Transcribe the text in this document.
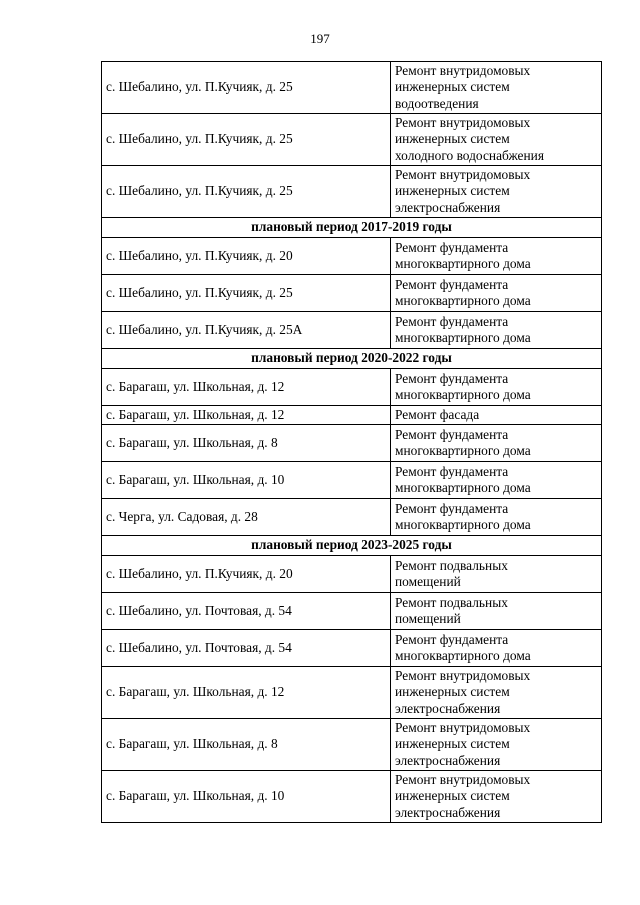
197
с. Шебалино, ул. П.Кучияк, д. 25	Ремонт внутридомовых
инженерных систем
водоотведения

с. Шебалино, ул. П.Кучияк, д. 25	Ремонт внутридомовых
инженерных систем
холодного водоснабжения

с. Шебалино, ул. П.Кучияк, д. 25	Ремонт внутридомовых
инженерных систем
электроснабжения

плановый период 2017-2019 годы	
с. Шебалино, ул. П.Кучияк, д. 20	Ремонт фундамента
многоквартирного дома

с. Шебалино, ул. П.Кучияк, д. 25	Ремонт фундамента
многоквартирного дома

с. Шебалино, ул. П.Кучияк, д. 25А	Ремонт фундамента
многоквартирного дома

плановый период 2020-2022 годы	
с. Барагаш, ул. Школьная, д. 12	Ремонт фундамента
многоквартирного дома

с. Барагаш, ул. Школьная, д. 12	Ремонт фасада

с. Барагаш, ул. Школьная, д. 8	Ремонт фундамента
многоквартирного дома

с. Барагаш, ул. Школьная, д. 10	Ремонт фундамента
многоквартирного дома

с. Черга, ул. Садовая, д. 28	Ремонт фундамента
многоквартирного дома

плановый период 2023-2025 годы	
с. Шебалино, ул. П.Кучияк, д. 20	Ремонт подвальных
помещений

с. Шебалино, ул. Почтовая, д. 54	Ремонт подвальных
помещений

с. Шебалино, ул. Почтовая, д. 54	Ремонт фундамента
многоквартирного дома

с. Барагаш, ул. Школьная, д. 12	Ремонт внутридомовых
инженерных систем
электроснабжения

с. Барагаш, ул. Школьная, д. 8	Ремонт внутридомовых
инженерных систем
электроснабжения

с. Барагаш, ул. Школьная, д. 10	Ремонт внутридомовых
инженерных систем
электроснабжения
